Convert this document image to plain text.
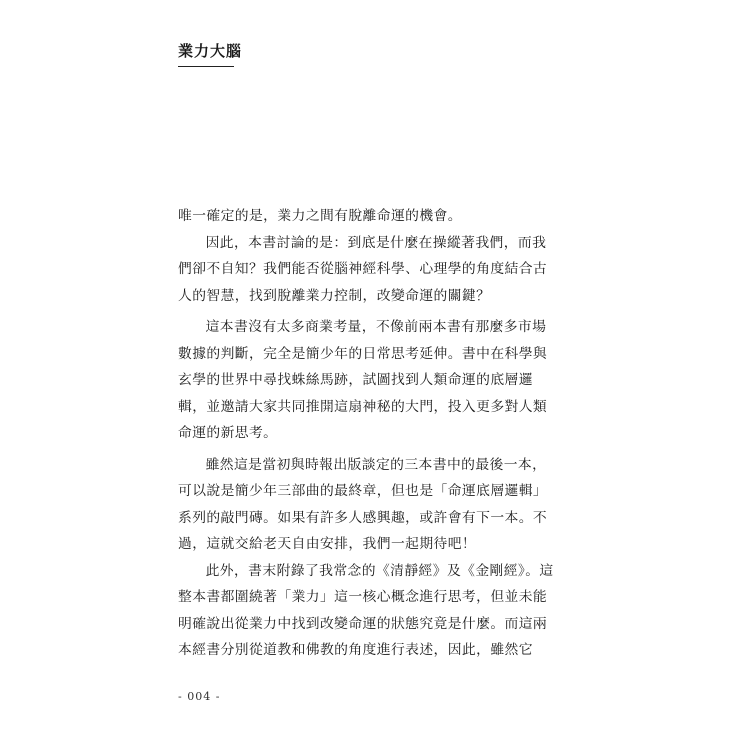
業力大腦

唯一確定的是，業力之間有脫離命運的機會。

因此，本書討論的是：到底是什麼在操縱著我們，而我們卻不自知？我們能否從腦神經科學、心理學的角度結合古人的智慧，找到脫離業力控制，改變命運的關鍵？

這本書沒有太多商業考量，不像前兩本書有那麼多市場數據的判斷，完全是簡少年的日常思考延伸。書中在科學與玄學的世界中尋找蛛絲馬跡，試圖找到人類命運的底層邏輯，並邀請大家共同推開這扇神秘的大門，投入更多對人類命運的新思考。

雖然這是當初與時報出版談定的三本書中的最後一本，可以說是簡少年三部曲的最終章，但也是「命運底層邏輯」系列的敲門磚。如果有許多人感興趣，或許會有下一本。不過，這就交給老天自由安排，我們一起期待吧！

此外，書末附錄了我常念的《清靜經》及《金剛經》。這整本書都圍繞著「業力」這一核心概念進行思考，但並未能明確說出從業力中找到改變命運的狀態究竟是什麼。而這兩本經書分別從道教和佛教的角度進行表述，因此，雖然它

- 004 -
